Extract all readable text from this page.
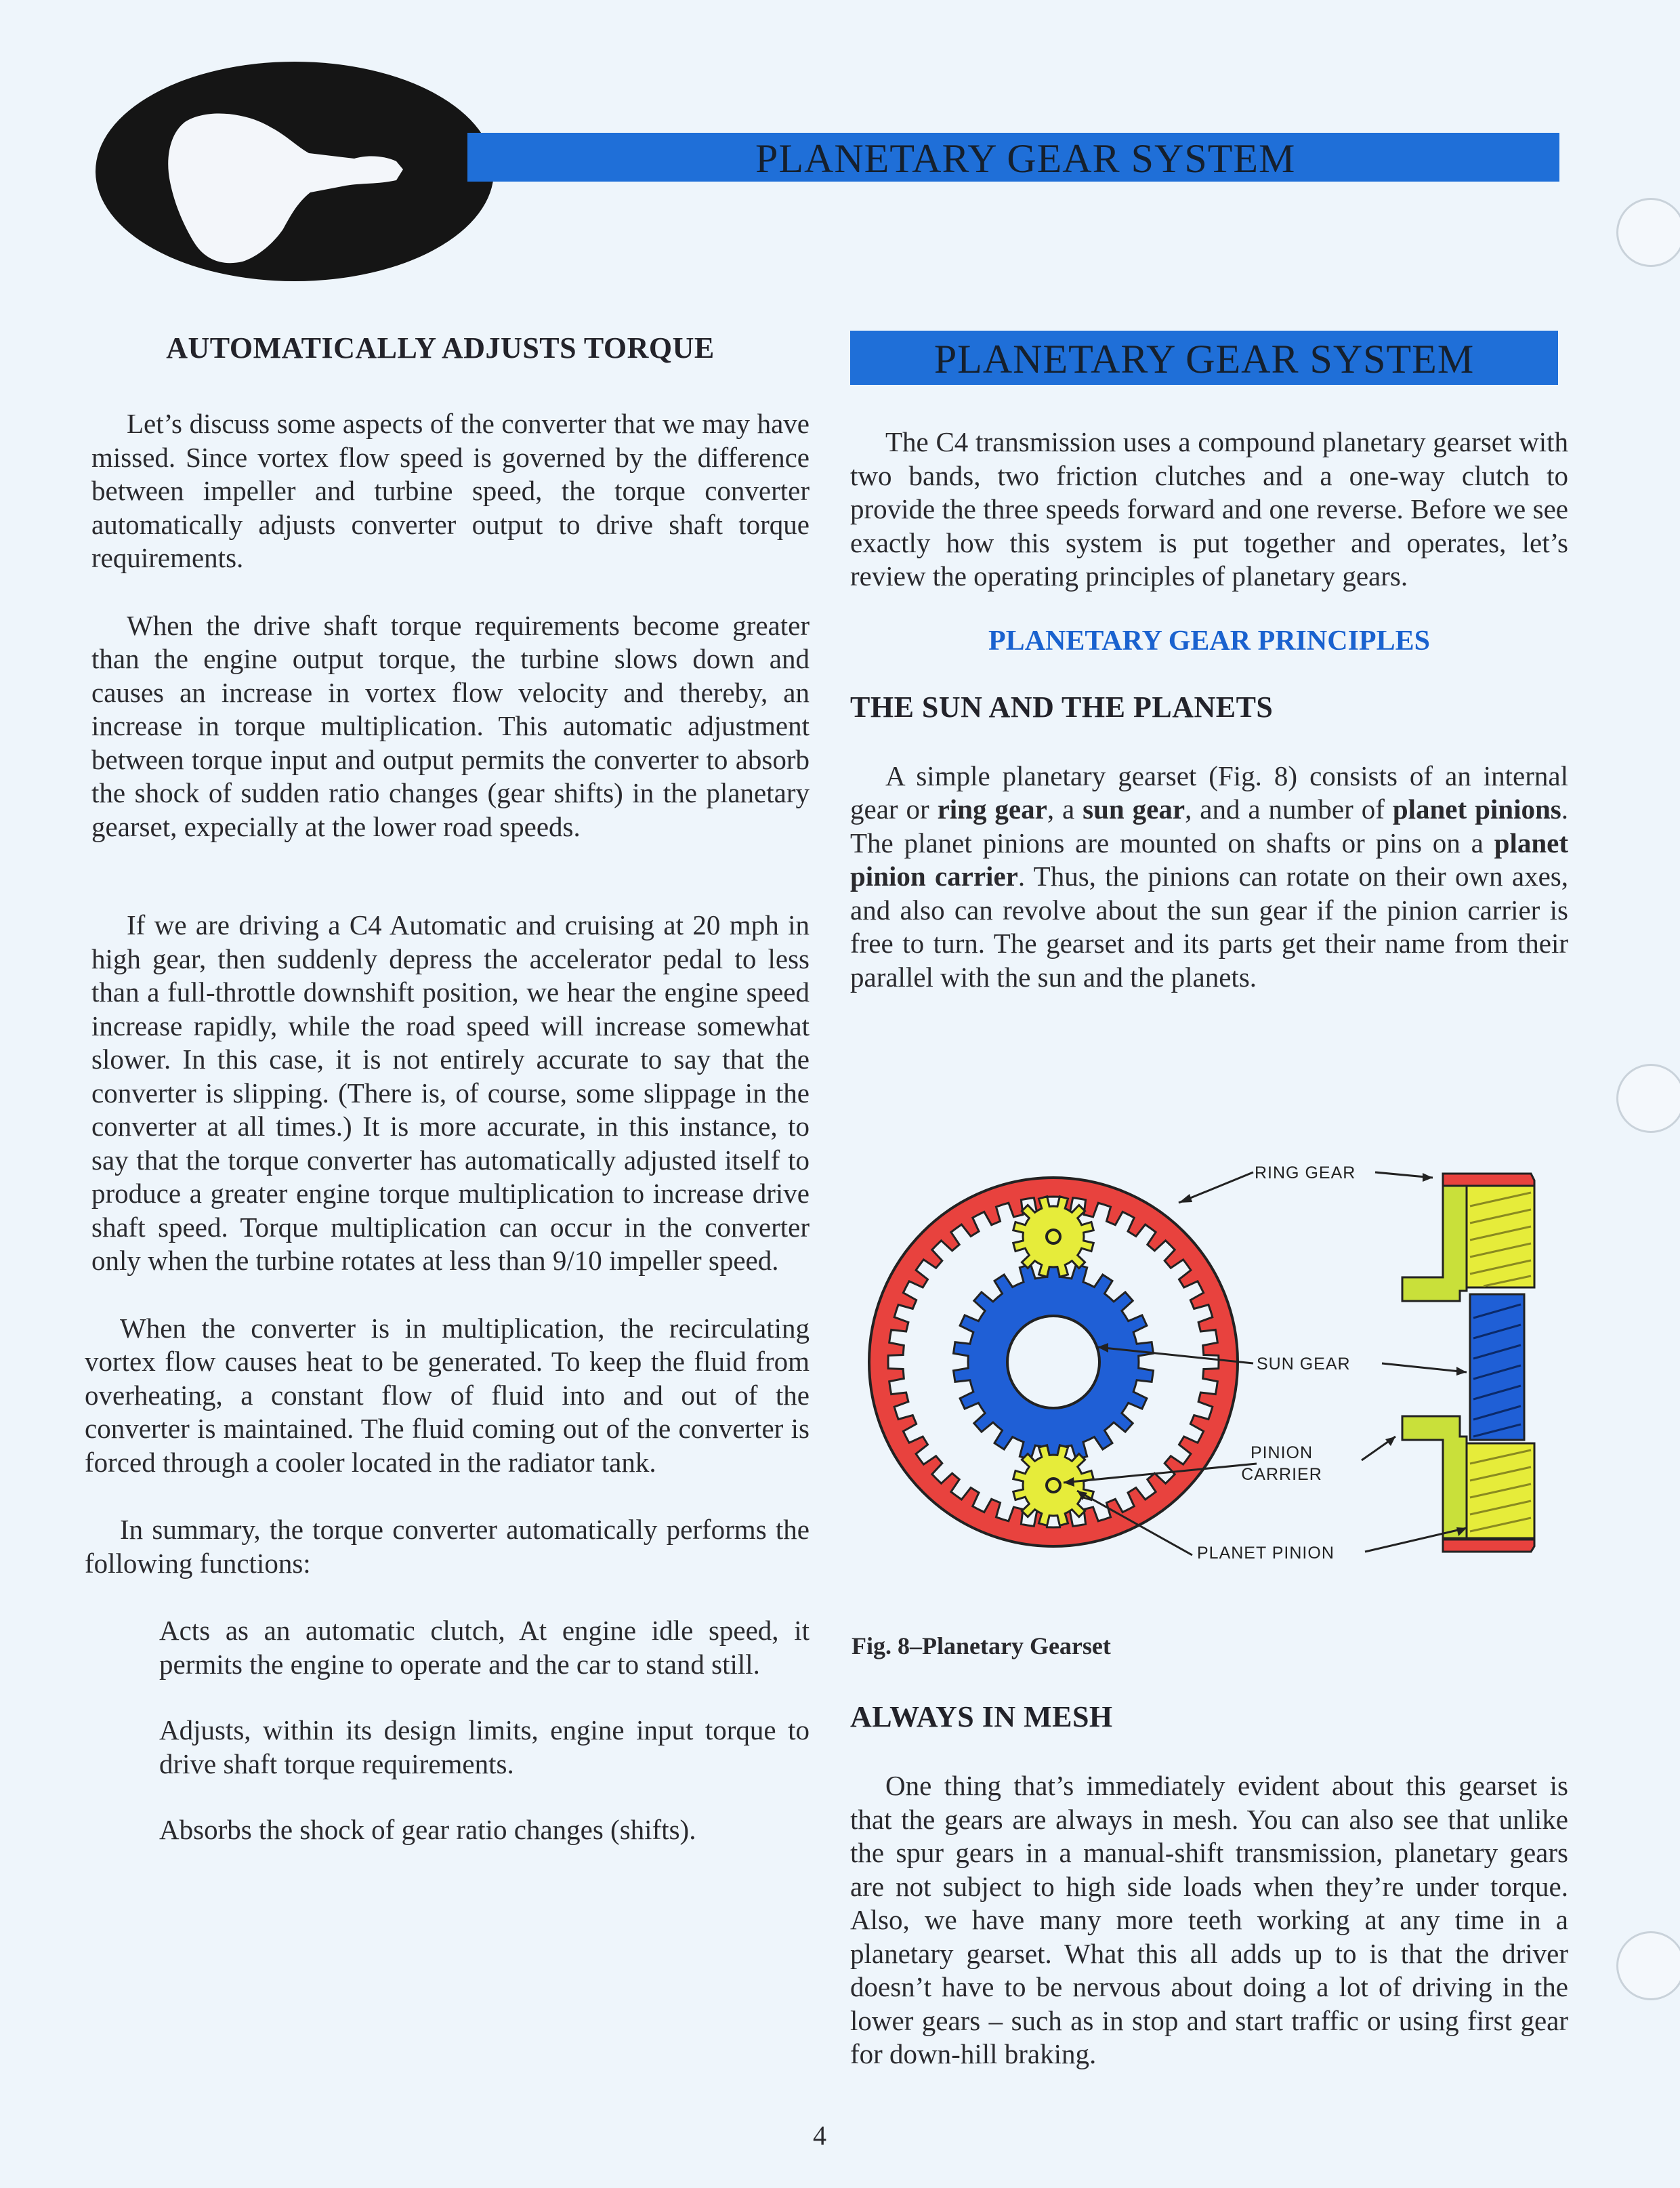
PLANETARY GEAR SYSTEM
AUTOMATICALLY ADJUSTS TORQUE

Let’s discuss some aspects of the converter that we may have missed. Since vortex flow speed is governed by the difference between impeller and turbine speed, the torque converter automatically adjusts converter output to drive shaft torque requirements.

When the drive shaft torque requirements become greater than the engine output torque, the turbine slows down and causes an increase in vortex flow velocity and thereby, an increase in torque multiplication. This automatic adjustment between torque input and output permits the converter to absorb the shock of sudden ratio changes (gear shifts) in the planetary gearset, expecially at the lower road speeds.

If we are driving a C4 Automatic and cruising at 20 mph in high gear, then suddenly depress the accelerator pedal to less than a full-throttle downshift position, we hear the engine speed increase rapidly, while the road speed will increase somewhat slower. In this case, it is not entirely accurate to say that the converter is slipping. (There is, of course, some slippage in the converter at all times.) It is more accurate, in this instance, to say that the torque converter has automatically adjusted itself to produce a greater engine torque multiplication to increase drive shaft speed. Torque multiplication can occur in the converter only when the turbine rotates at less than 9/10 impeller speed.

When the converter is in multiplication, the recirculating vortex flow causes heat to be generated. To keep the fluid from overheating, a constant flow of fluid into and out of the converter is maintained. The fluid coming out of the converter is forced through a cooler located in the radiator tank.

In summary, the torque converter automatically performs the following functions:

Acts as an automatic clutch, At engine idle speed, it permits the engine to operate and the car to stand still.

Adjusts, within its design limits, engine input torque to drive shaft torque requirements.

Absorbs the shock of gear ratio changes (shifts).

PLANETARY GEAR SYSTEM

The C4 transmission uses a compound planetary gearset with two bands, two friction clutches and a one-way clutch to provide the three speeds forward and one reverse. Before we see exactly how this system is put together and operates, let’s review the operating principles of planetary gears.

PLANETARY GEAR PRINCIPLES
THE SUN AND THE PLANETS

A simple planetary gearset (Fig. 8) consists of an internal gear or ring gear, a sun gear, and a number of planet pinions. The planet pinions are mounted on shafts or pins on a planet pinion carrier. Thus, the pinions can rotate on their own axes, and also can revolve about the sun gear if the pinion carrier is free to turn. The gearset and its parts get their name from their parallel with the sun and the planets.

RING GEAR
SUN GEAR
PINION
CARRIER
PLANET PINION
Fig. 8–Planetary Gearset
ALWAYS IN MESH

One thing that’s immediately evident about this gearset is that the gears are always in mesh. You can also see that unlike the spur gears in a manual-shift transmission, planetary gears are not subject to high side loads when they’re under torque. Also, we have many more teeth working at any time in a planetary gearset. What this all adds up to is that the driver doesn’t have to be nervous about doing a lot of driving in the lower gears – such as in stop and start traffic or using first gear for down-hill braking.

4
